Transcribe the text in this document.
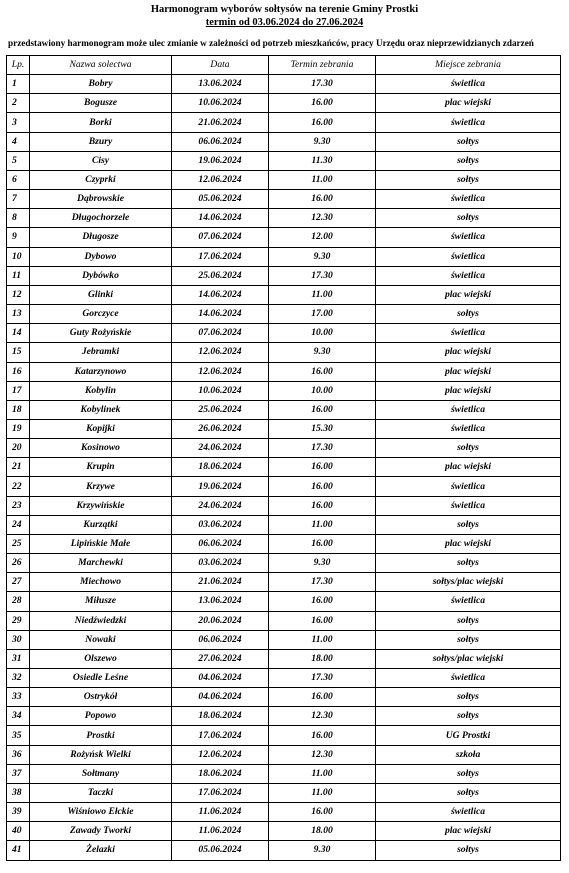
Harmonogram wyborów sołtysów na terenie Gminy Prostki
termin od 03.06.2024 do 27.06.2024
przedstawiony harmonogram może ulec zmianie w zależności od potrzeb mieszkańców, pracy Urzędu oraz nieprzewidzianych zdarzeń
Lp.	Nazwa solectwa	Data	Termin zebrania	Miejsce zebrania
1	Bobry	13.06.2024	17.30	świetlica
2	Bogusze	10.06.2024	16.00	plac wiejski
3	Borki	21.06.2024	16.00	świetlica
4	Bzury	06.06.2024	9.30	sołtys
5	Cisy	19.06.2024	11.30	sołtys
6	Czyprki	12.06.2024	11.00	sołtys
7	Dąbrowskie	05.06.2024	16.00	świetlica
8	Długochorzele	14.06.2024	12.30	sołtys
9	Długosze	07.06.2024	12.00	świetlica
10	Dybowo	17.06.2024	9.30	świetlica
11	Dybówko	25.06.2024	17.30	świetlica
12	Glinki	14.06.2024	11.00	plac wiejski
13	Gorczyce	14.06.2024	17.00	sołtys
14	Guty Rożyńskie	07.06.2024	10.00	świetlica
15	Jebramki	12.06.2024	9.30	plac wiejski
16	Katarzynowo	12.06.2024	16.00	plac wiejski
17	Kobylin	10.06.2024	10.00	plac wiejski
18	Kobylinek	25.06.2024	16.00	świetlica
19	Kopijki	26.06.2024	15.30	świetlica
20	Kosinowo	24.06.2024	17.30	sołtys
21	Krupin	18.06.2024	16.00	plac wiejski
22	Krzywe	19.06.2024	16.00	świetlica
23	Krzywińskie	24.06.2024	16.00	świetlica
24	Kurzątki	03.06.2024	11.00	sołtys
25	Lipińskie Małe	06.06.2024	16.00	plac wiejski
26	Marchewki	03.06.2024	9.30	sołtys
27	Miechowo	21.06.2024	17.30	sołtys/plac wiejski
28	Miłusze	13.06.2024	16.00	świetlica
29	Niedźwiedzki	20.06.2024	16.00	sołtys
30	Nowaki	06.06.2024	11.00	sołtys
31	Olszewo	27.06.2024	18.00	sołtys/plac wiejski
32	Osiedle Leśne	04.06.2024	17.30	świetlica
33	Ostrykół	04.06.2024	16.00	sołtys
34	Popowo	18.06.2024	12.30	sołtys
35	Prostki	17.06.2024	16.00	UG Prostki
36	Rożyńsk Wielki	12.06.2024	12.30	szkoła
37	Sołtmany	18.06.2024	11.00	sołtys
38	Taczki	17.06.2024	11.00	sołtys
39	Wiśniowo Ełckie	11.06.2024	16.00	świetlica
40	Zawady Tworki	11.06.2024	18.00	plac wiejski
41	Żelazki	05.06.2024	9.30	sołtys
